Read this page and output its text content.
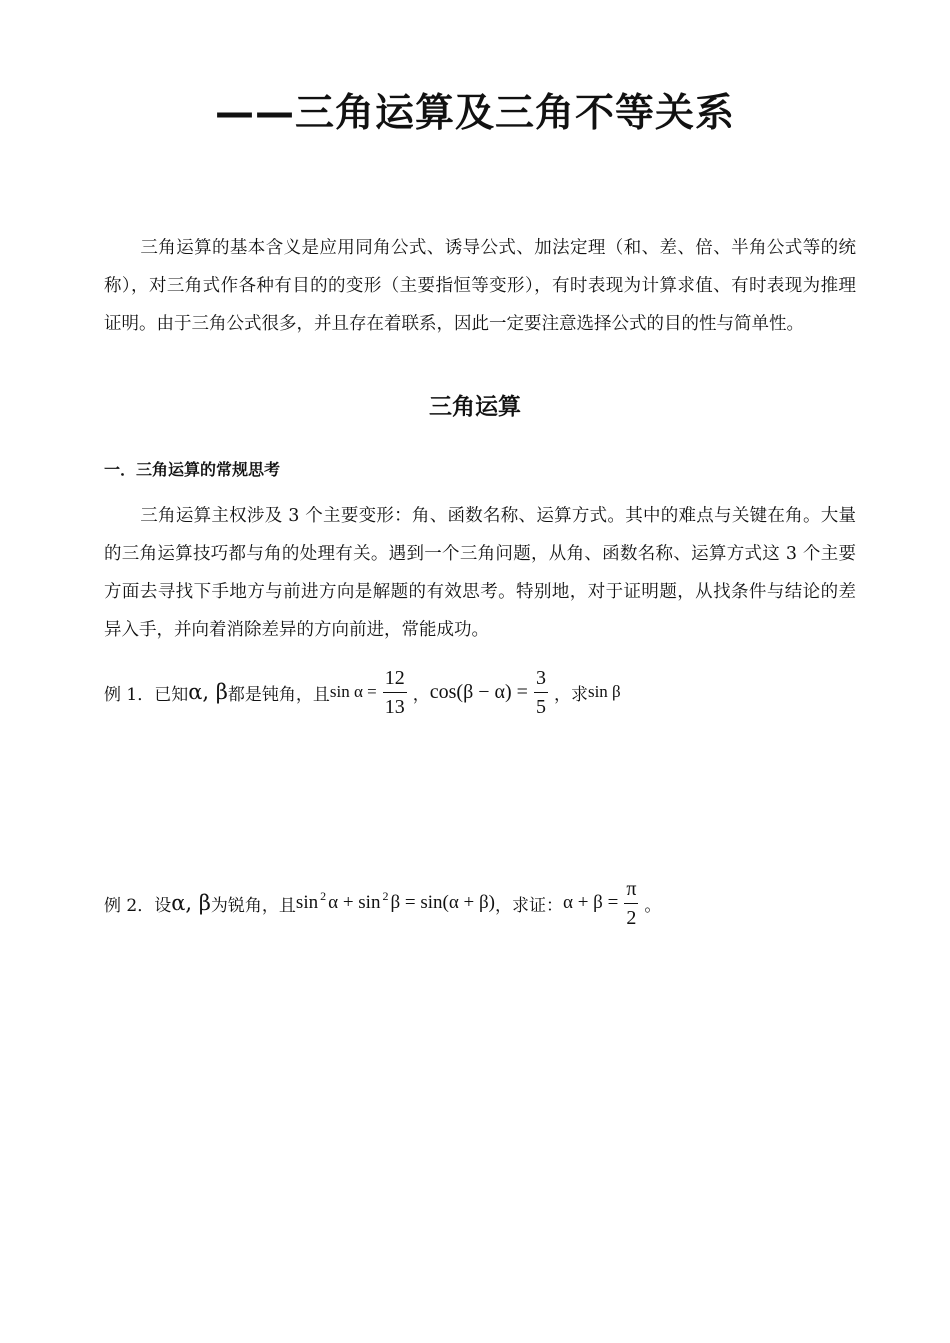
——三角运算及三角不等关系

三角运算的基本含义是应用同角公式、诱导公式、加法定理（和、差、倍、半角公式等的统称），对三角式作各种有目的的变形（主要指恒等变形），有时表现为计算求值、有时表现为推理证明。由于三角公式很多，并且存在着联系，因此一定要注意选择公式的目的性与简单性。

三角运算
一．三角运算的常规思考

三角运算主权涉及 3 个主要变形：角、函数名称、运算方式。其中的难点与关键在角。大量的三角运算技巧都与角的处理有关。遇到一个三角问题，从角、函数名称、运算方式这 3 个主要方面去寻找下手地方与前进方向是解题的有效思考。特别地，对于证明题，从找条件与结论的差异入手，并向着消除差异的方向前进，常能成功。

例 1．已知 α, β 都是钝角，且 $\sin \alpha = \frac{12}{13}$ ， $\cos(\beta - \alpha) = \frac{3}{5}$ ，求 sin β
例 2．设 α, β 为锐角，且 sin 2 α + sin 2 β = sin(α + β) ，求证： $\alpha + \beta = \frac{\pi}{2}$ 。
